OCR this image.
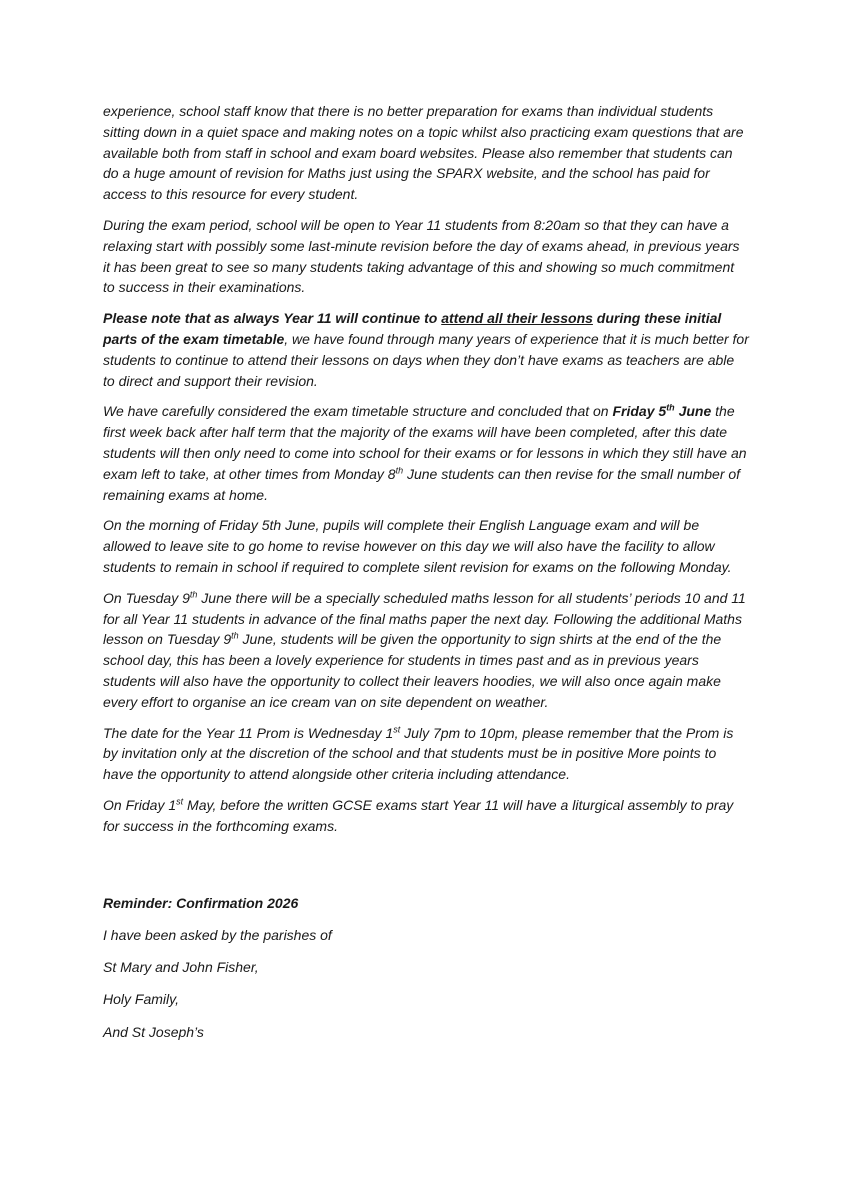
experience, school staff know that there is no better preparation for exams than individual students sitting down in a quiet space and making notes on a topic whilst also practicing exam questions that are available both from staff in school and exam board websites. Please also remember that students can do a huge amount of revision for Maths just using the SPARX website, and the school has paid for access to this resource for every student.

During the exam period, school will be open to Year 11 students from 8:20am so that they can have a relaxing start with possibly some last-minute revision before the day of exams ahead, in previous years it has been great to see so many students taking advantage of this and showing so much commitment to success in their examinations.

Please note that as always Year 11 will continue to attend all their lessons during these initial parts of the exam timetable, we have found through many years of experience that it is much better for students to continue to attend their lessons on days when they don’t have exams as teachers are able to direct and support their revision.

We have carefully considered the exam timetable structure and concluded that on Friday 5th June the first week back after half term that the majority of the exams will have been completed, after this date students will then only need to come into school for their exams or for lessons in which they still have an exam left to take, at other times from Monday 8th June students can then revise for the small number of remaining exams at home.

On the morning of Friday 5th June, pupils will complete their English Language exam and will be allowed to leave site to go home to revise however on this day we will also have the facility to allow students to remain in school if required to complete silent revision for exams on the following Monday.

On Tuesday 9th June there will be a specially scheduled maths lesson for all students’ periods 10 and 11 for all Year 11 students in advance of the final maths paper the next day. Following the additional Maths lesson on Tuesday 9th June, students will be given the opportunity to sign shirts at the end of the the school day, this has been a lovely experience for students in times past and as in previous years students will also have the opportunity to collect their leavers hoodies, we will also once again make every effort to organise an ice cream van on site dependent on weather.

The date for the Year 11 Prom is Wednesday 1st July 7pm to 10pm, please remember that the Prom is by invitation only at the discretion of the school and that students must be in positive More points to have the opportunity to attend alongside other criteria including attendance.

On Friday 1st May, before the written GCSE exams start Year 11 will have a liturgical assembly to pray for success in the forthcoming exams.

Reminder: Confirmation 2026

I have been asked by the parishes of

St Mary and John Fisher,

Holy Family,

And St Joseph’s
